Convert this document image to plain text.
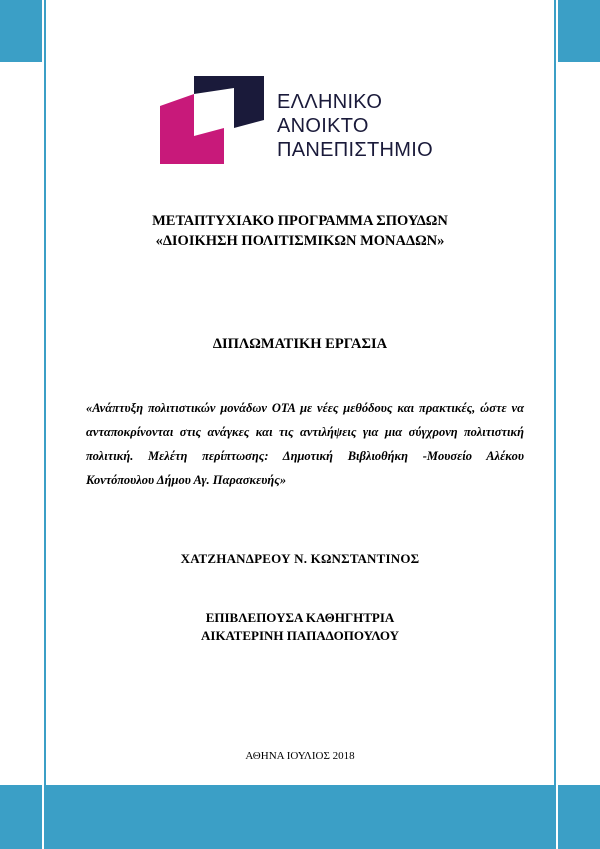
ΕΛΛΗΝΙΚΟ
ΑΝΟΙΚΤΟ
ΠΑΝΕΠΙΣΤΗΜΙΟ
ΜΕΤΑΠΤΥΧΙΑΚΟ ΠΡΟΓΡΑΜΜΑ ΣΠΟΥΔΩΝ
«ΔΙΟΙΚΗΣΗ ΠΟΛΙΤΙΣΜΙΚΩΝ ΜΟΝΑΔΩΝ»
ΔΙΠΛΩΜΑΤΙΚΗ ΕΡΓΑΣΙΑ
«Ανάπτυξη πολιτιστικών μονάδων ΟΤΑ με νέες μεθόδους και πρακτικές, ώστε να ανταποκρίνονται στις ανάγκες και τις αντιλήψεις για μια σύγχρονη πολιτιστική πολιτική. Μελέτη περίπτωσης: Δημοτική Βιβλιοθήκη -Μουσείο Αλέκου Κοντόπουλου Δήμου Αγ. Παρασκευής»
ΧΑΤΖΗΑΝΔΡΕΟΥ Ν. ΚΩΝΣΤΑΝΤΙΝΟΣ
ΕΠΙΒΛΕΠΟΥΣΑ ΚΑΘΗΓΗΤΡΙΑ
ΑΙΚΑΤΕΡΙΝΗ ΠΑΠΑΔΟΠΟΥΛΟΥ
ΑΘΗΝΑ ΙΟΥΛΙΟΣ 2018
